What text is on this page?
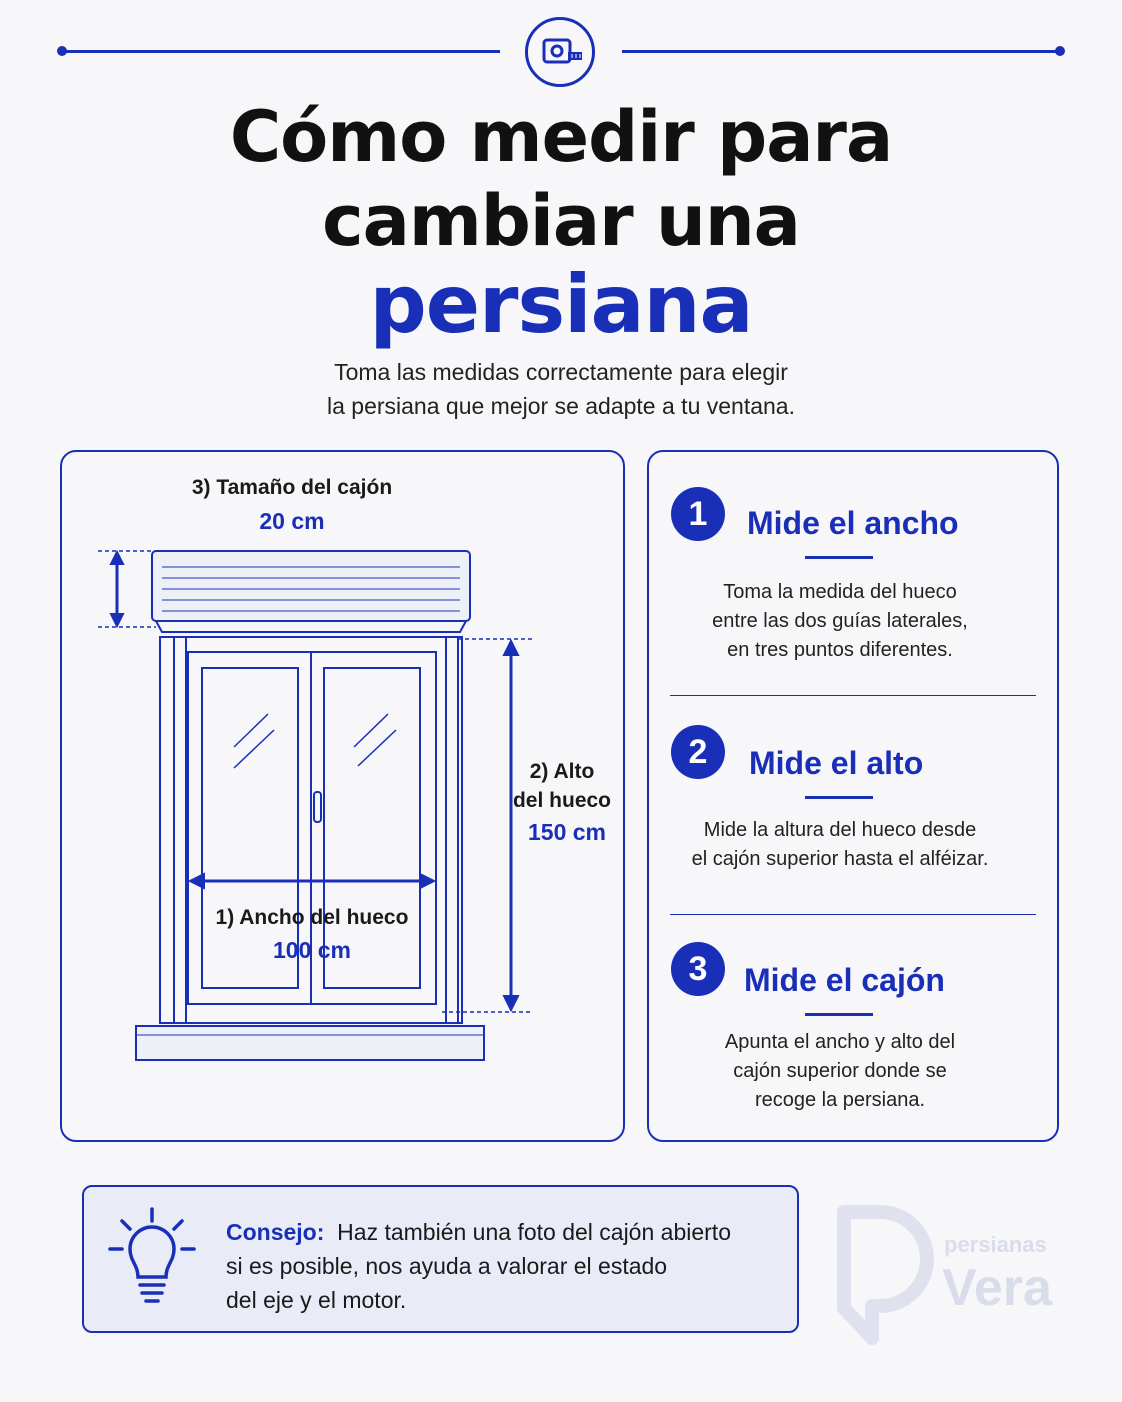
Cómo medir para
cambiar una
persiana
Toma las medidas correctamente para elegir
la persiana que mejor se adapte a tu ventana.
3) Tamaño del cajón
20 cm
2) Alto
del hueco
150 cm
1) Ancho del hueco
100 cm
1	Mide el ancho
Toma la medida del hueco
entre las dos guías laterales,
en tres puntos diferentes.
2	Mide el alto
Mide la altura del hueco desde
el cajón superior hasta el alféizar.
3	Mide el cajón
Apunta el ancho y alto del
cajón superior donde se
recoge la persiana.
Consejo: Haz también una foto del cajón abierto
si es posible, nos ayuda a valorar el estado
del eje y el motor.
persianas
Vera
